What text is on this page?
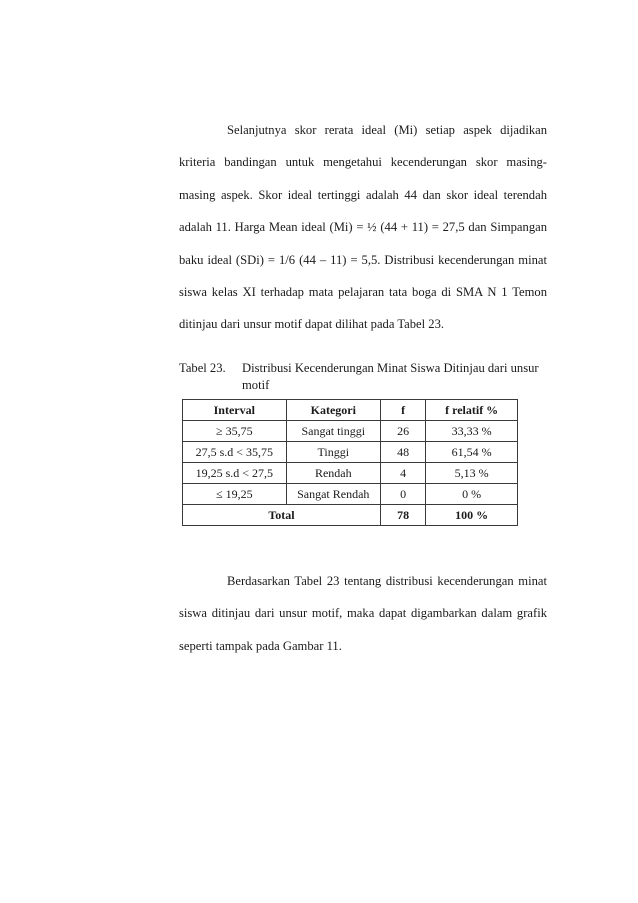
Selanjutnya skor rerata ideal (Mi) setiap aspek dijadikan kriteria bandingan untuk mengetahui kecenderungan skor masing-masing aspek. Skor ideal tertinggi adalah 44 dan skor ideal terendah adalah 11. Harga Mean ideal (Mi) = ½ (44 + 11) = 27,5 dan Simpangan baku ideal (SDi) = 1/6 (44 – 11) = 5,5. Distribusi kecenderungan minat siswa kelas XI terhadap mata pelajaran tata boga di SMA N 1 Temon ditinjau dari unsur motif dapat dilihat pada Tabel 23.

Tabel 23.	Distribusi Kecenderungan Minat Siswa Ditinjau dari unsur motif
Interval	Kategori	f	f relatif %
≥ 35,75	Sangat tinggi	26	33,33 %
27,5 s.d < 35,75	Tinggi	48	61,54 %
19,25 s.d < 27,5	Rendah	4	5,13 %
≤ 19,25	Sangat Rendah	0	0 %
Total		78	100 %

Berdasarkan Tabel 23 tentang distribusi kecenderungan minat siswa ditinjau dari unsur motif, maka dapat digambarkan dalam grafik seperti tampak pada Gambar 11.
